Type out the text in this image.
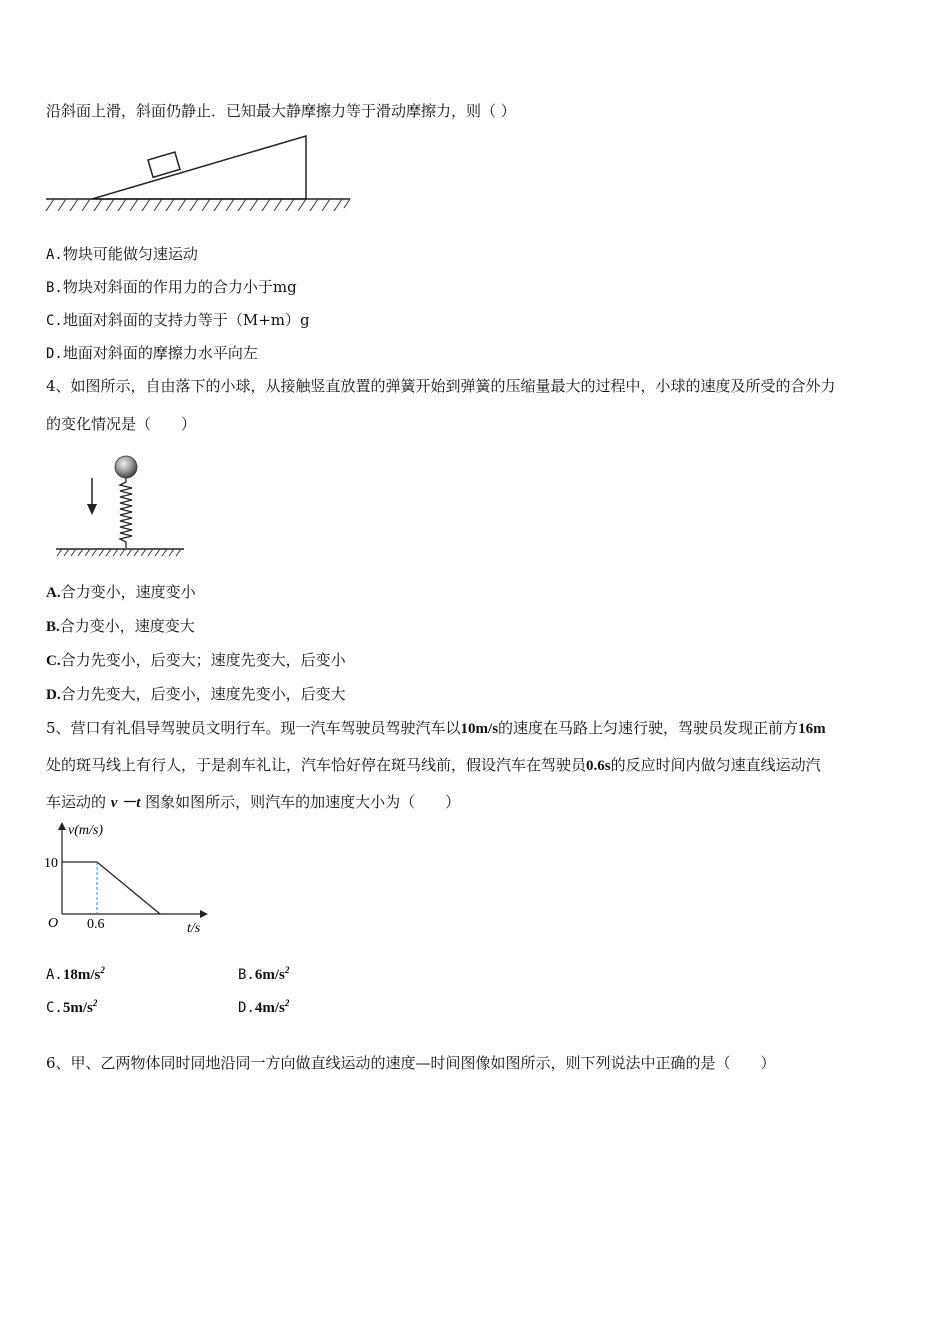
沿斜面上滑，斜面仍静止．已知最大静摩擦力等于滑动摩擦力，则（ ）
A.物块可能做匀速运动
B.物块对斜面的作用力的合力小于mg
C.地面对斜面的支持力等于（M+m）g
D.地面对斜面的摩擦力水平向左
4、如图所示，自由落下的小球，从接触竖直放置的弹簧开始到弹簧的压缩量最大的过程中，小球的速度及所受的合外力
的变化情况是（　　）
A.合力变小，速度变小
B.合力变小，速度变大
C.合力先变小，后变大；速度先变大，后变小
D.合力先变大，后变小，速度先变小，后变大
5、营口有礼倡导驾驶员文明行车。现一汽车驾驶员驾驶汽车以10m/s的速度在马路上匀速行驶，驾驶员发现正前方16m
处的斑马线上有行人，于是刹车礼让，汽车恰好停在斑马线前，假设汽车在驾驶员0.6s的反应时间内做匀速直线运动汽
车运动的 v －t 图象如图所示，则汽车的加速度大小为（　　）
v(m/s)
10
O 0.6	t/s
$A.18m/s^2$	$B.6m/s^2$
$C.5m/s^2$	$D.4m/s^2$
6、甲、乙两物体同时同地沿同一方向做直线运动的速度—时间图像如图所示，则下列说法中正确的是（　　）
